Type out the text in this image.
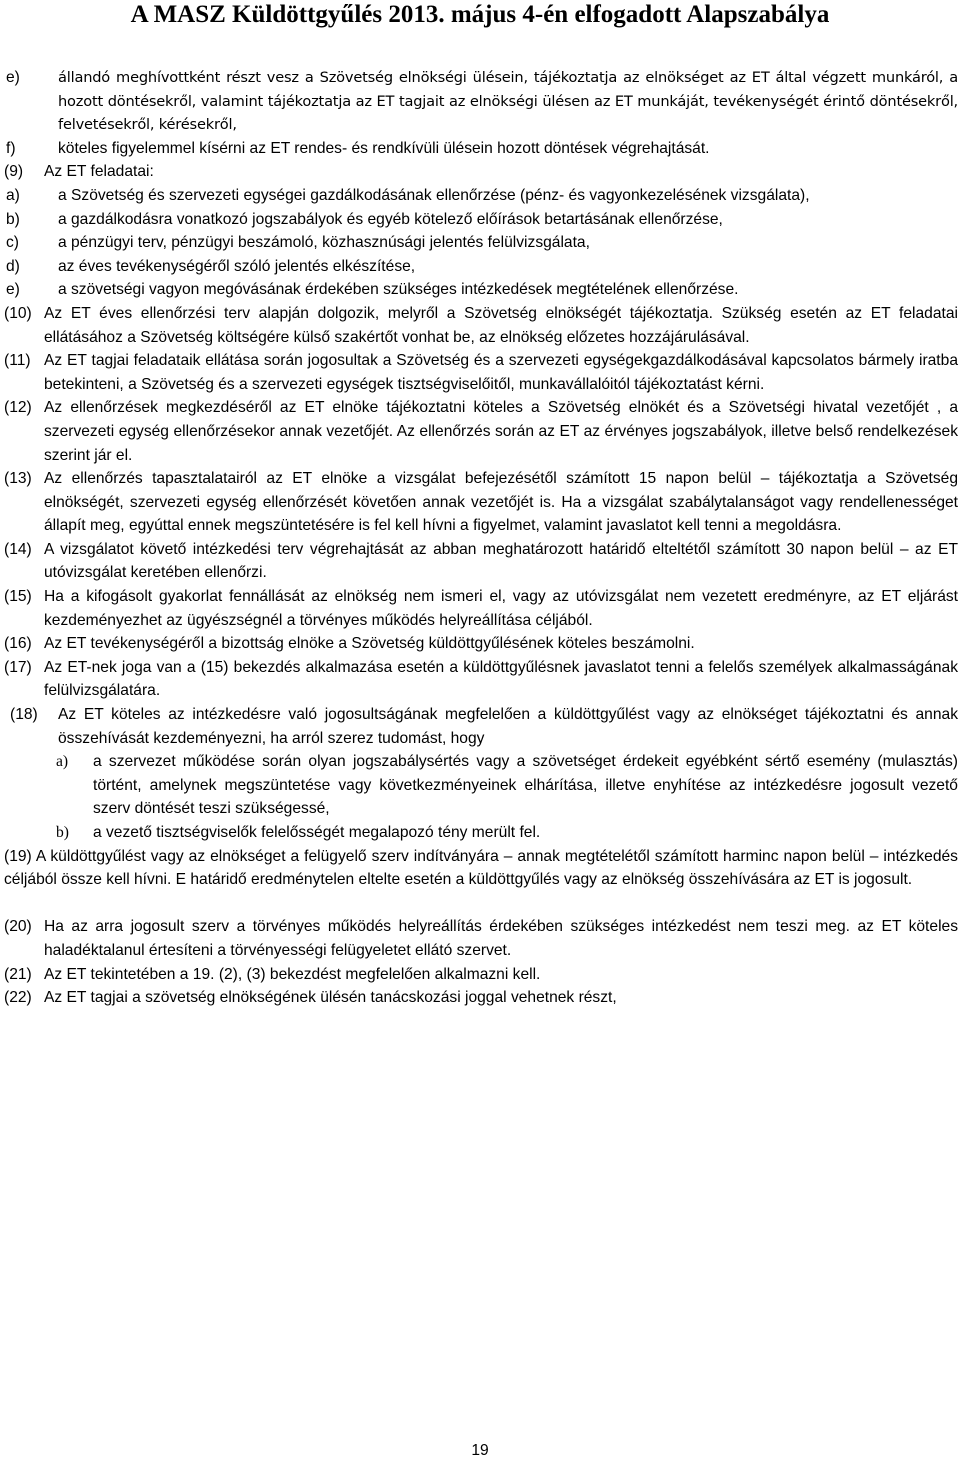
A MASZ Küldöttgyűlés 2013. május 4-én elfogadott Alapszabálya
e)	állandó meghívottként részt vesz a Szövetség elnökségi ülésein, tájékoztatja az elnökséget az ET által végzett munkáról, a hozott döntésekről, valamint tájékoztatja az ET tagjait az elnökségi ülésen az ET munkáját, tevékenységét érintő döntésekről, felvetésekről, kérésekről,
f)	köteles figyelemmel kísérni az ET rendes- és rendkívüli ülésein hozott döntések végrehajtását.
(9)	Az ET feladatai:
a)	a Szövetség és szervezeti egységei gazdálkodásának ellenőrzése (pénz- és vagyonkezelésének vizsgálata),
b)	a gazdálkodásra vonatkozó jogszabályok és egyéb kötelező előírások betartásának ellenőrzése,
c)	a pénzügyi terv, pénzügyi beszámoló, közhasznúsági jelentés felülvizsgálata,
d)	az éves tevékenységéről szóló jelentés elkészítése,
e)	a szövetségi vagyon megóvásának érdekében szükséges intézkedések megtételének ellenőrzése.
(10) Az ET éves ellenőrzési terv alapján dolgozik, melyről a Szövetség elnökségét tájékoztatja. Szükség esetén az ET feladatai ellátásához a Szövetség költségére külső szakértőt vonhat be, az elnökség előzetes hozzájárulásával.
(11) Az ET tagjai feladataik ellátása során jogosultak a Szövetség és a szervezeti egységekgazdálkodásával kapcsolatos bármely iratba betekinteni, a Szövetség és a szervezeti egységek tisztségviselőitől, munkavállalóitól tájékoztatást kérni.
(12) Az ellenőrzések megkezdéséről az ET elnöke tájékoztatni köteles a Szövetség elnökét és a Szövetségi hivatal vezetőjét , a szervezeti egység ellenőrzésekor annak vezetőjét. Az ellenőrzés során az ET az érvényes jogszabályok, illetve belső rendelkezések szerint jár el.
(13) Az ellenőrzés tapasztalatairól az ET elnöke a vizsgálat befejezésétől számított 15 napon belül – tájékoztatja a Szövetség elnökségét, szervezeti egység ellenőrzését követően annak vezetőjét is. Ha a vizsgálat szabálytalanságot vagy rendellenességet állapít meg, egyúttal ennek megszüntetésére is fel kell hívni a figyelmet, valamint javaslatot kell tenni a megoldásra.
(14) A vizsgálatot követő intézkedési terv végrehajtását az abban meghatározott határidő elteltétől számított 30 napon belül – az ET utóvizsgálat keretében ellenőrzi.
(15) Ha a kifogásolt gyakorlat fennállását az elnökség nem ismeri el, vagy az utóvizsgálat nem vezetett eredményre, az ET eljárást kezdeményezhet az ügyészségnél a törvényes működés helyreállítása céljából.
(16) Az ET tevékenységéről a bizottság elnöke a Szövetség küldöttgyűlésének köteles beszámolni.
(17) Az ET-nek joga van a (15) bekezdés alkalmazása esetén a küldöttgyűlésnek javaslatot tenni a felelős személyek alkalmasságának felülvizsgálatára.
(18)	Az ET köteles az intézkedésre való jogosultságának megfelelően a küldöttgyűlést vagy az elnökséget tájékoztatni és annak összehívását kezdeményezni, ha arról szerez tudomást, hogy
a)	a szervezet működése során olyan jogszabálysértés vagy a szövetséget érdekeit egyébként sértő esemény (mulasztás) történt, amelynek megszüntetése vagy következményeinek elhárítása, illetve enyhítése az intézkedésre jogosult vezető szerv döntését teszi szükségessé,
b)	a vezető tisztségviselők felelősségét megalapozó tény merült fel.
(19) A küldöttgyűlést vagy az elnökséget a felügyelő szerv indítványára – annak megtételétől számított harminc napon belül – intézkedés céljából össze kell hívni. E határidő eredménytelen eltelte esetén a küldöttgyűlés vagy az elnökség összehívására az ET is jogosult.
(20) Ha az arra jogosult szerv a törvényes működés helyreállítás érdekében szükséges intézkedést nem teszi meg. az ET köteles haladéktalanul értesíteni a törvényességi felügyeletet ellátó szervet.
(21) Az ET tekintetében a 19. (2), (3) bekezdést megfelelően alkalmazni kell.
(22) Az ET tagjai a szövetség elnökségének ülésén tanácskozási joggal vehetnek részt,
19
